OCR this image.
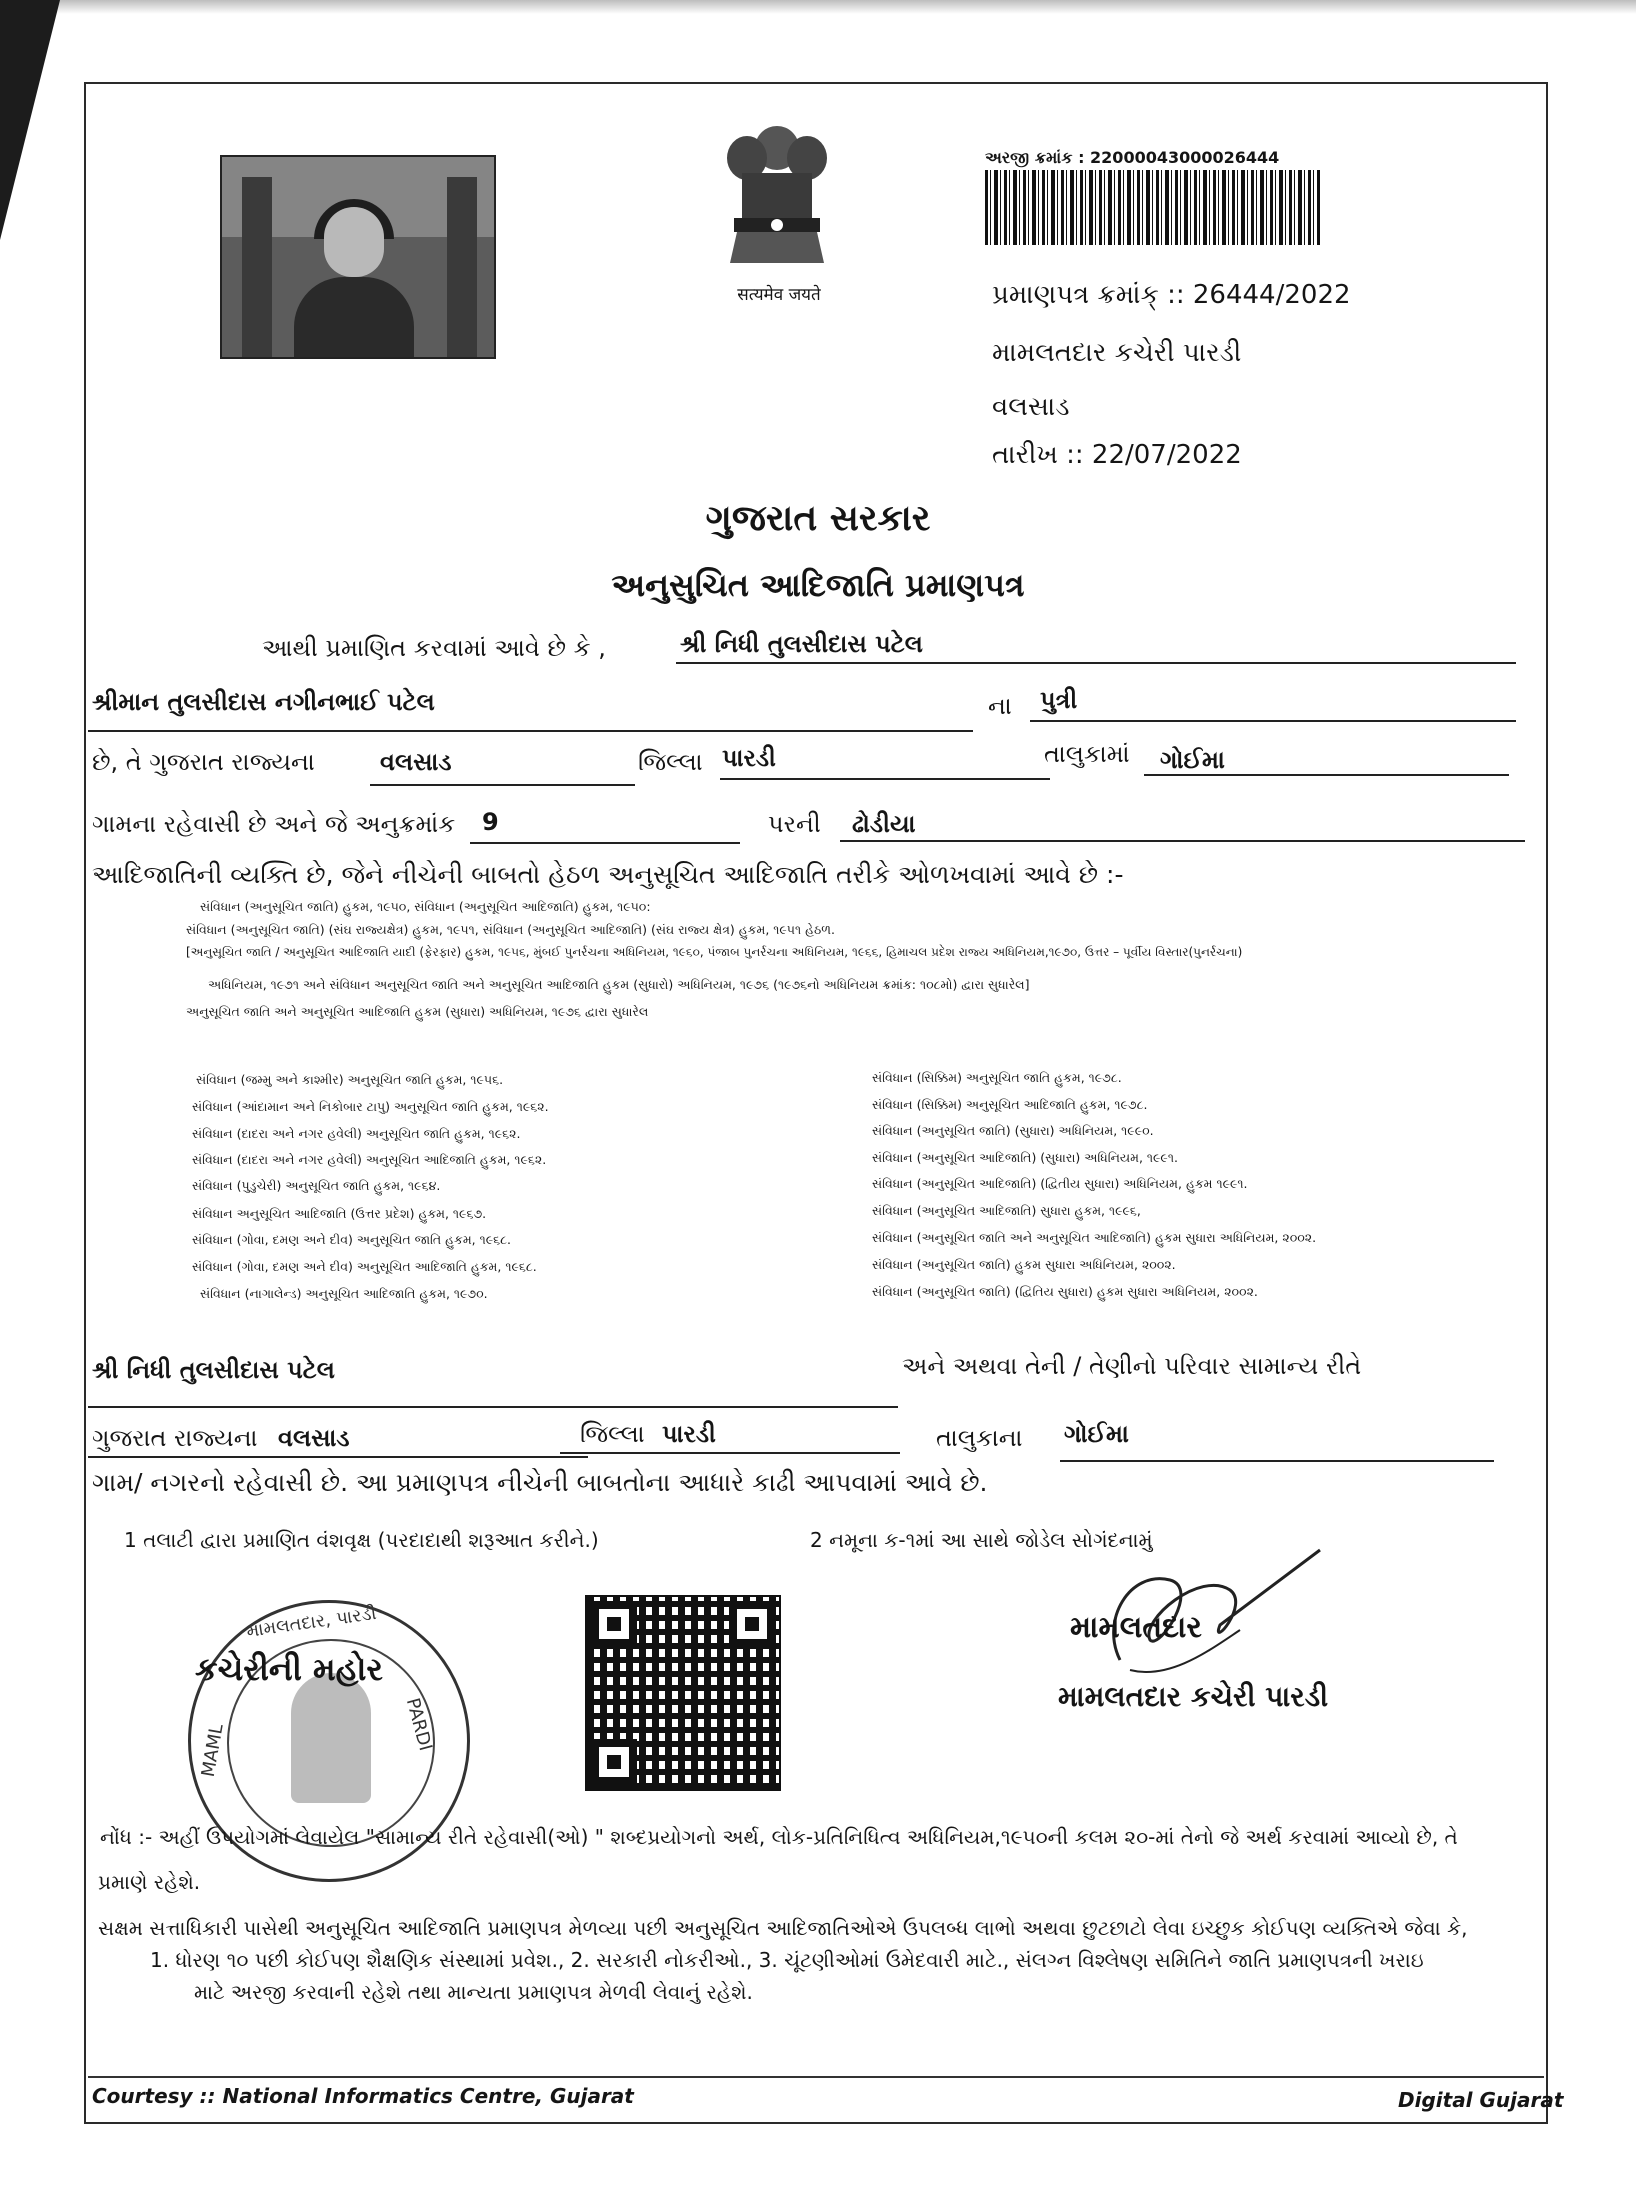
सत्यमेव जयते
અરજી ક્રમાંક : 22000043000026444
પ્રમાણપત્ર ક્રમાંક્ :: 26444/2022
મામલતદાર કચેરી પારડી
વલસાડ
તારીખ :: 22/07/2022
ગુજરાત સરકાર
અનુસુચિત આદિજાતિ પ્રમાણપત્ર
આથી પ્રમાણિત કરવામાં આવે છે કે ,	શ્રી નિધી તુલસીદાસ પટેલ
શ્રીમાન તુલસીદાસ નગીનભાઈ પટેલ	ના પુત્રી
છે, તે ગુજરાત રાજ્યના	વલસાડ	જિલ્લા પારડી	તાલુકામાં ગોઈમા
ગામના રહેવાસી છે અને જે અનુક્રમાંક 9	પરની ઢોડીયા
આદિજાતિની વ્યક્તિ છે, જેને નીચેની બાબતો હેઠળ અનુસૂચિત આદિજાતિ તરીકે ઓળખવામાં આવે છે :-
સંવિધાન (અનુસૂચિત જાતિ) હુકમ, ૧૯૫૦, સંવિધાન (અનુસૂચિત આદિજાતિ) હુકમ, ૧૯૫૦:
સંવિધાન (અનુસૂચિત જાતિ) (સંઘ રાજ્યક્ષેત્ર) હુકમ, ૧૯૫૧, સંવિધાન (અનુસૂચિત આદિજાતિ) (સંઘ રાજ્ય ક્ષેત્ર) હુકમ, ૧૯૫૧ હેઠળ.
[અનુસૂચિત જાતિ / અનુસૂચિત આદિજાતિ યાદી (ફેરફાર) હુકમ, ૧૯૫૬, મુંબઈ પુનર્રચના અધિનિયમ, ૧૯૬૦, પંજાબ પુનર્રચના અધિનિયમ, ૧૯૬૬, હિમાચલ પ્રદેશ રાજ્ય અધિનિયમ,૧૯૭૦, ઉત્તર – પૂર્વીય વિસ્તાર(પુનર્રચના)
અધિનિયમ, ૧૯૭૧ અને સંવિધાન અનુસૂચિત જાતિ અને અનુસૂચિત આદિજાતિ હુકમ (સુધારો) અધિનિયમ, ૧૯૭૬ (૧૯૭૬નો અધિનિયમ ક્રમાંક: ૧૦૮મો) દ્વારા સુધારેલ]
અનુસૂચિત જાતિ અને અનુસૂચિત આદિજાતિ હુકમ (સુધારા) અધિનિયમ, ૧૯૭૬ દ્વારા સુધારેલ
સંવિધાન (જમ્મુ અને કાશ્મીર) અનુસૂચિત જાતિ હુકમ, ૧૯૫૬.
સંવિધાન (આંદામાન અને નિકોબાર ટાપુ) અનુસૂચિત જાતિ હુકમ, ૧૯૬૨.
સંવિધાન (દાદરા અને નગર હવેલી) અનુસૂચિત જાતિ હુકમ, ૧૯૬૨.
સંવિધાન (દાદરા અને નગર હવેલી) અનુસૂચિત આદિજાતિ હુકમ, ૧૯૬૨.
સંવિધાન (પુડુચેરી) અનુસૂચિત જાતિ હુકમ, ૧૯૬૪.
સંવિધાન અનુસૂચિત આદિજાતિ (ઉત્તર પ્રદેશ) હુકમ, ૧૯૬૭.
સંવિધાન (ગોવા, દમણ અને દીવ) અનુસૂચિત જાતિ હુકમ, ૧૯૬૮.
સંવિધાન (ગોવા, દમણ અને દીવ) અનુસૂચિત આદિજાતિ હુકમ, ૧૯૬૮.
સંવિધાન (નાગાલેન્ડ) અનુસૂચિત આદિજાતિ હુકમ, ૧૯૭૦.
સંવિધાન (સિક્કિમ) અનુસૂચિત જાતિ હુકમ, ૧૯૭૮.
સંવિધાન (સિક્કિમ) અનુસૂચિત આદિજાતિ હુકમ, ૧૯૭૮.
સંવિધાન (અનુસૂચિત જાતિ) (સુધારા) અધિનિયમ, ૧૯૯૦.
સંવિધાન (અનુસૂચિત આદિજાતિ) (સુધારા) અધિનિયમ, ૧૯૯૧.
સંવિધાન (અનુસૂચિત આદિજાતિ) (દ્વિતીય સુધારા) અધિનિયમ, હુકમ ૧૯૯૧.
સંવિધાન (અનુસૂચિત આદિજાતિ) સુધારા હુકમ, ૧૯૯૬,
સંવિધાન (અનુસૂચિત જાતિ અને અનુસૂચિત આદિજાતિ) હુકમ સુધારા અધિનિયમ, ૨૦૦૨.
સંવિધાન (અનુસૂચિત જાતિ) હુકમ સુધારા અધિનિયમ, ૨૦૦૨.
સંવિધાન (અનુસૂચિત જાતિ) (દ્વિતિય સુધારા) હુકમ સુધારા અધિનિયમ, ૨૦૦૨.
શ્રી નિધી તુલસીદાસ પટેલ	અને અથવા તેની / તેણીનો પરિવાર સામાન્ય રીતે
ગુજરાત રાજ્યના વલસાડ	જિલ્લા પારડી	તાલુકાના ગોઈમા
ગામ/ નગરનો રહેવાસી છે. આ પ્રમાણપત્ર નીચેની બાબતોના આધારે કાઢી આપવામાં આવે છે.
1 તલાટી દ્વારા પ્રમાણિત વંશવૃક્ષ (પરદાદાથી શરૂઆત કરીને.)	2 નમૂના ક-૧માં આ સાથે જોડેલ સોગંદનામું
મામલતદાર, પારડી
MAML	PARDI
કચેરીની મહોર
મામલતદાર
મામલતદાર કચેરી પારડી
નોંધ :- અહીં ઉપયોગમાં લેવાયેલ "સામાન્ય રીતે રહેવાસી(ઓ) " શબ્દપ્રયોગનો અર્થ, લોક-પ્રતિનિધિત્વ અધિનિયમ,૧૯૫૦ની કલમ ૨૦-માં તેનો જે અર્થ કરવામાં આવ્યો છે, તે
પ્રમાણે રહેશે.
સક્ષમ સત્તાધિકારી પાસેથી અનુસૂચિત આદિજાતિ પ્રમાણપત્ર મેળવ્યા પછી અનુસૂચિત આદિજાતિઓએ ઉપલબ્ધ લાભો અથવા છુટછાટો લેવા ઇચ્છુક કોઈપણ વ્યક્તિએ જેવા કે,
1. ધોરણ ૧૦ પછી કોઈપણ શૈક્ષણિક સંસ્થામાં પ્રવેશ., 2. સરકારી નોકરીઓ., 3. ચૂંટણીઓમાં ઉમેદવારી માટે., સંલગ્ન વિશ્લેષણ સમિતિને જાતિ પ્રમાણપત્રની ખરાઇ
માટે અરજી કરવાની રહેશે તથા માન્યતા પ્રમાણપત્ર મેળવી લેવાનું રહેશે.
Courtesy :: National Informatics Centre, Gujarat	Digital Gujarat
